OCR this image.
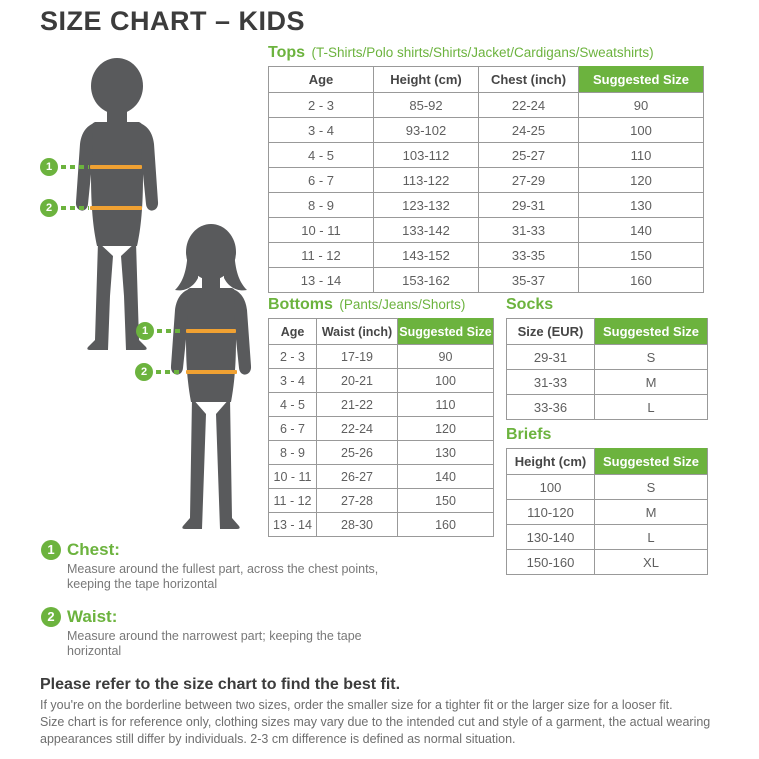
SIZE CHART – KIDS
1
2
1
2
Tops (T-Shirts/Polo shirts/Shirts/Jacket/Cardigans/Sweatshirts)
Age	Height (cm)	Chest (inch)	Suggested Size
2 - 3	85-92	22-24	90
3 - 4	93-102	24-25	100
4 - 5	103-112	25-27	110
6 - 7	113-122	27-29	120
8 - 9	123-132	29-31	130
10 - 11	133-142	31-33	140
11 - 12	143-152	33-35	150
13 - 14	153-162	35-37	160
Bottoms (Pants/Jeans/Shorts)
Age	Waist (inch)	Suggested Size
2 - 3	17-19	90
3 - 4	20-21	100
4 - 5	21-22	110
6 - 7	22-24	120
8 - 9	25-26	130
10 - 11	26-27	140
11 - 12	27-28	150
13 - 14	28-30	160
Socks
Size (EUR)	Suggested Size
29-31	S
31-33	M
33-36	L
Briefs
Height (cm)	Suggested Size
100	S
110-120	M
130-140	L
150-160	XL
1 Chest:
Measure around the fullest part, across the chest points, keeping the tape horizontal
2 Waist:
Measure around the narrowest part; keeping the tape horizontal
Please refer to the size chart to find the best fit.
If you're on the borderline between two sizes, order the smaller size for a tighter fit or the larger size for a looser fit.
Size chart is for reference only, clothing sizes may vary due to the intended cut and style of a garment, the actual wearing appearances still differ by individuals. 2-3 cm difference is defined as normal situation.
